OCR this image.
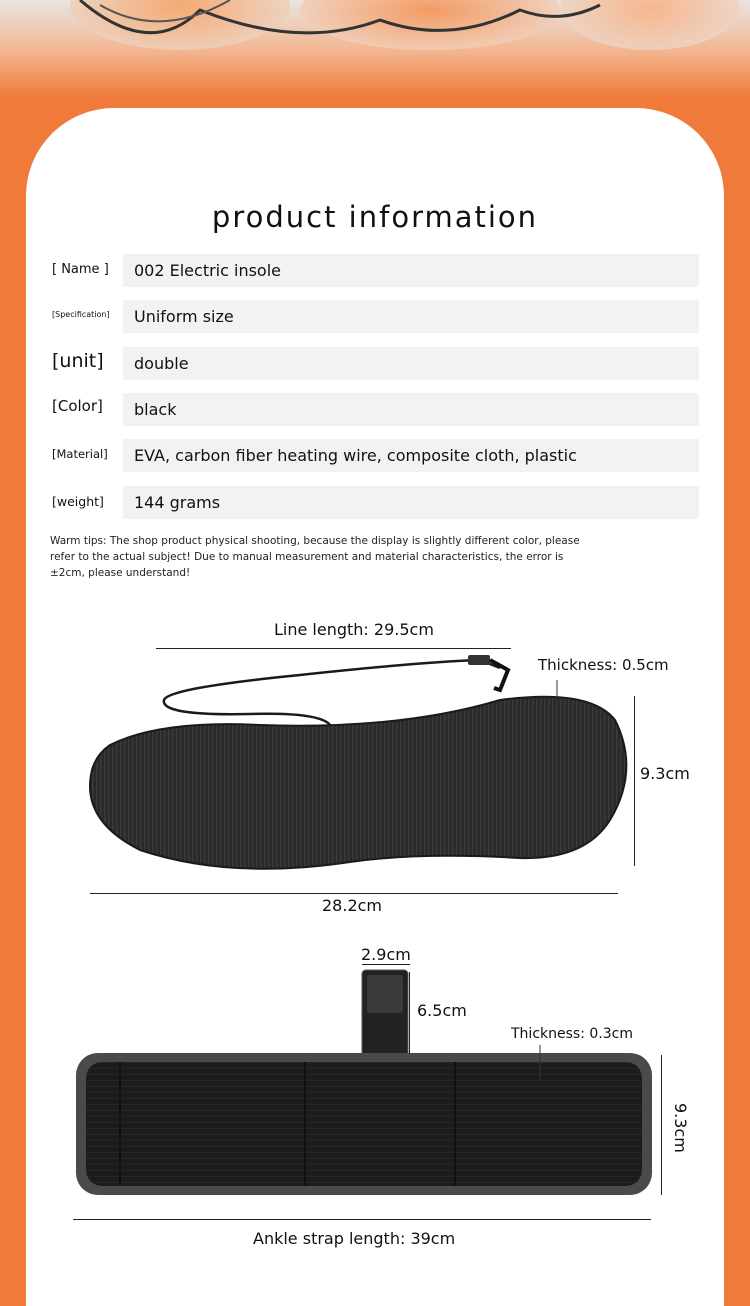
product information
[ Name ]	002 Electric insole
[Specification]	Uniform size
[unit]	double
[Color]	black
[Material]	EVA, carbon fiber heating wire, composite cloth, plastic
[weight]	144 grams
Warm tips: The shop product physical shooting, because the display is slightly different color, please refer to the actual subject! Due to manual measurement and material characteristics, the error is ±2cm, please understand!
Line length: 29.5cm
Thickness: 0.5cm
9.3cm
28.2cm
2.9cm
6.5cm
Thickness: 0.3cm
9.3cm
Ankle strap length: 39cm
